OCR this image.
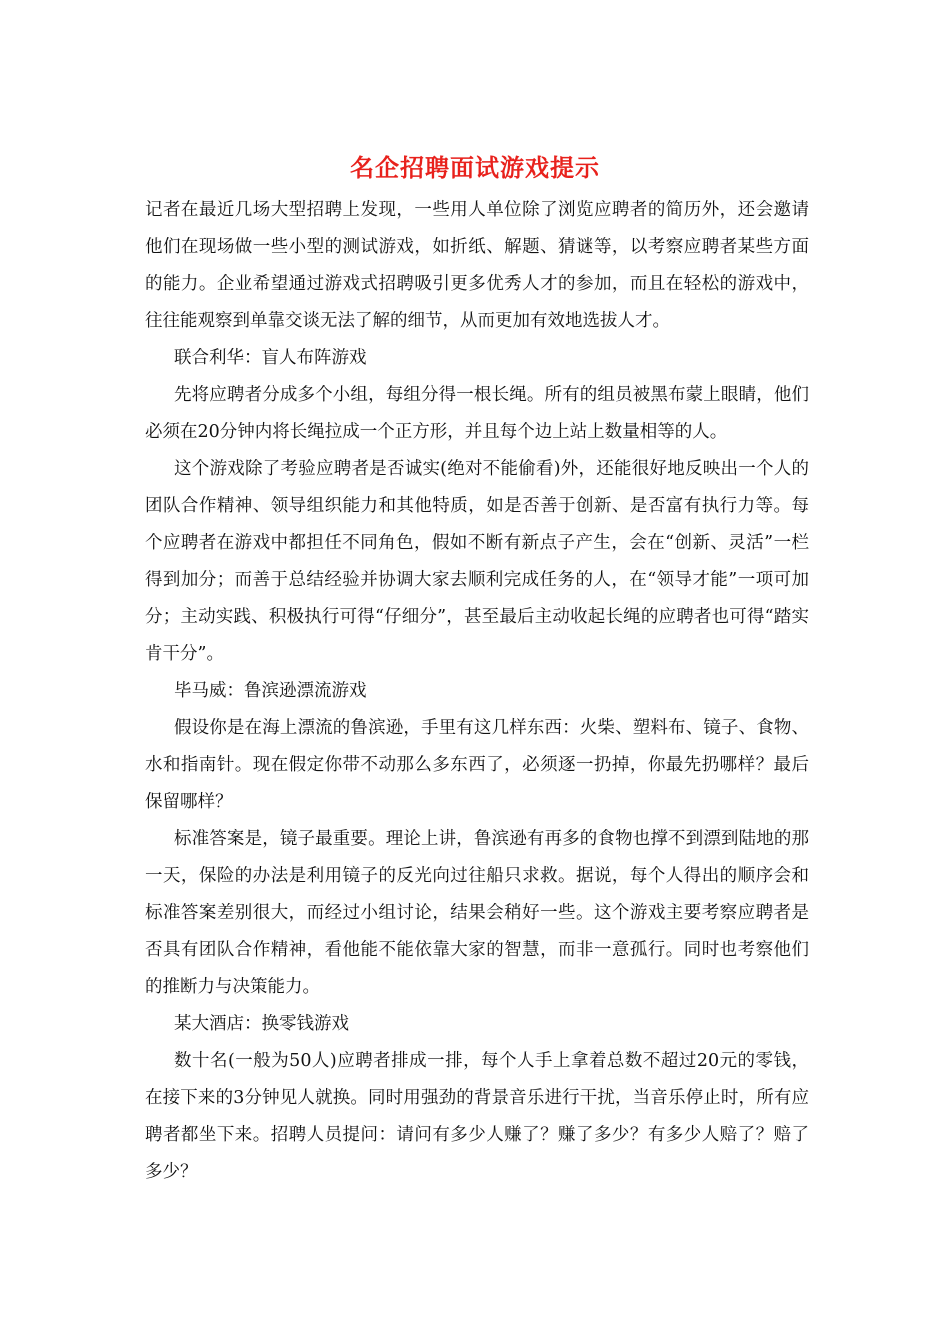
名企招聘面试游戏提示

记者在最近几场大型招聘上发现，一些用人单位除了浏览应聘者的简历外，还会邀请他们在现场做一些小型的测试游戏，如折纸、解题、猜谜等，以考察应聘者某些方面的能力。企业希望通过游戏式招聘吸引更多优秀人才的参加，而且在轻松的游戏中，往往能观察到单靠交谈无法了解的细节，从而更加有效地选拔人才。

联合利华：盲人布阵游戏

先将应聘者分成多个小组，每组分得一根长绳。所有的组员被黑布蒙上眼睛，他们必须在20分钟内将长绳拉成一个正方形，并且每个边上站上数量相等的人。

这个游戏除了考验应聘者是否诚实(绝对不能偷看)外，还能很好地反映出一个人的团队合作精神、领导组织能力和其他特质，如是否善于创新、是否富有执行力等。每个应聘者在游戏中都担任不同角色，假如不断有新点子产生，会在“创新、灵活”一栏得到加分；而善于总结经验并协调大家去顺利完成任务的人，在“领导才能”一项可加分；主动实践、积极执行可得“仔细分”，甚至最后主动收起长绳的应聘者也可得“踏实肯干分”。

毕马威：鲁滨逊漂流游戏

假设你是在海上漂流的鲁滨逊，手里有这几样东西：火柴、塑料布、镜子、食物、水和指南针。现在假定你带不动那么多东西了，必须逐一扔掉，你最先扔哪样？最后保留哪样？

标准答案是，镜子最重要。理论上讲，鲁滨逊有再多的食物也撑不到漂到陆地的那一天，保险的办法是利用镜子的反光向过往船只求救。据说，每个人得出的顺序会和标准答案差别很大，而经过小组讨论，结果会稍好一些。这个游戏主要考察应聘者是否具有团队合作精神，看他能不能依靠大家的智慧，而非一意孤行。同时也考察他们的推断力与决策能力。

某大酒店：换零钱游戏

数十名(一般为50人)应聘者排成一排，每个人手上拿着总数不超过20元的零钱，在接下来的3分钟见人就换。同时用强劲的背景音乐进行干扰，当音乐停止时，所有应聘者都坐下来。招聘人员提问：请问有多少人赚了？赚了多少？有多少人赔了？赔了多少？
